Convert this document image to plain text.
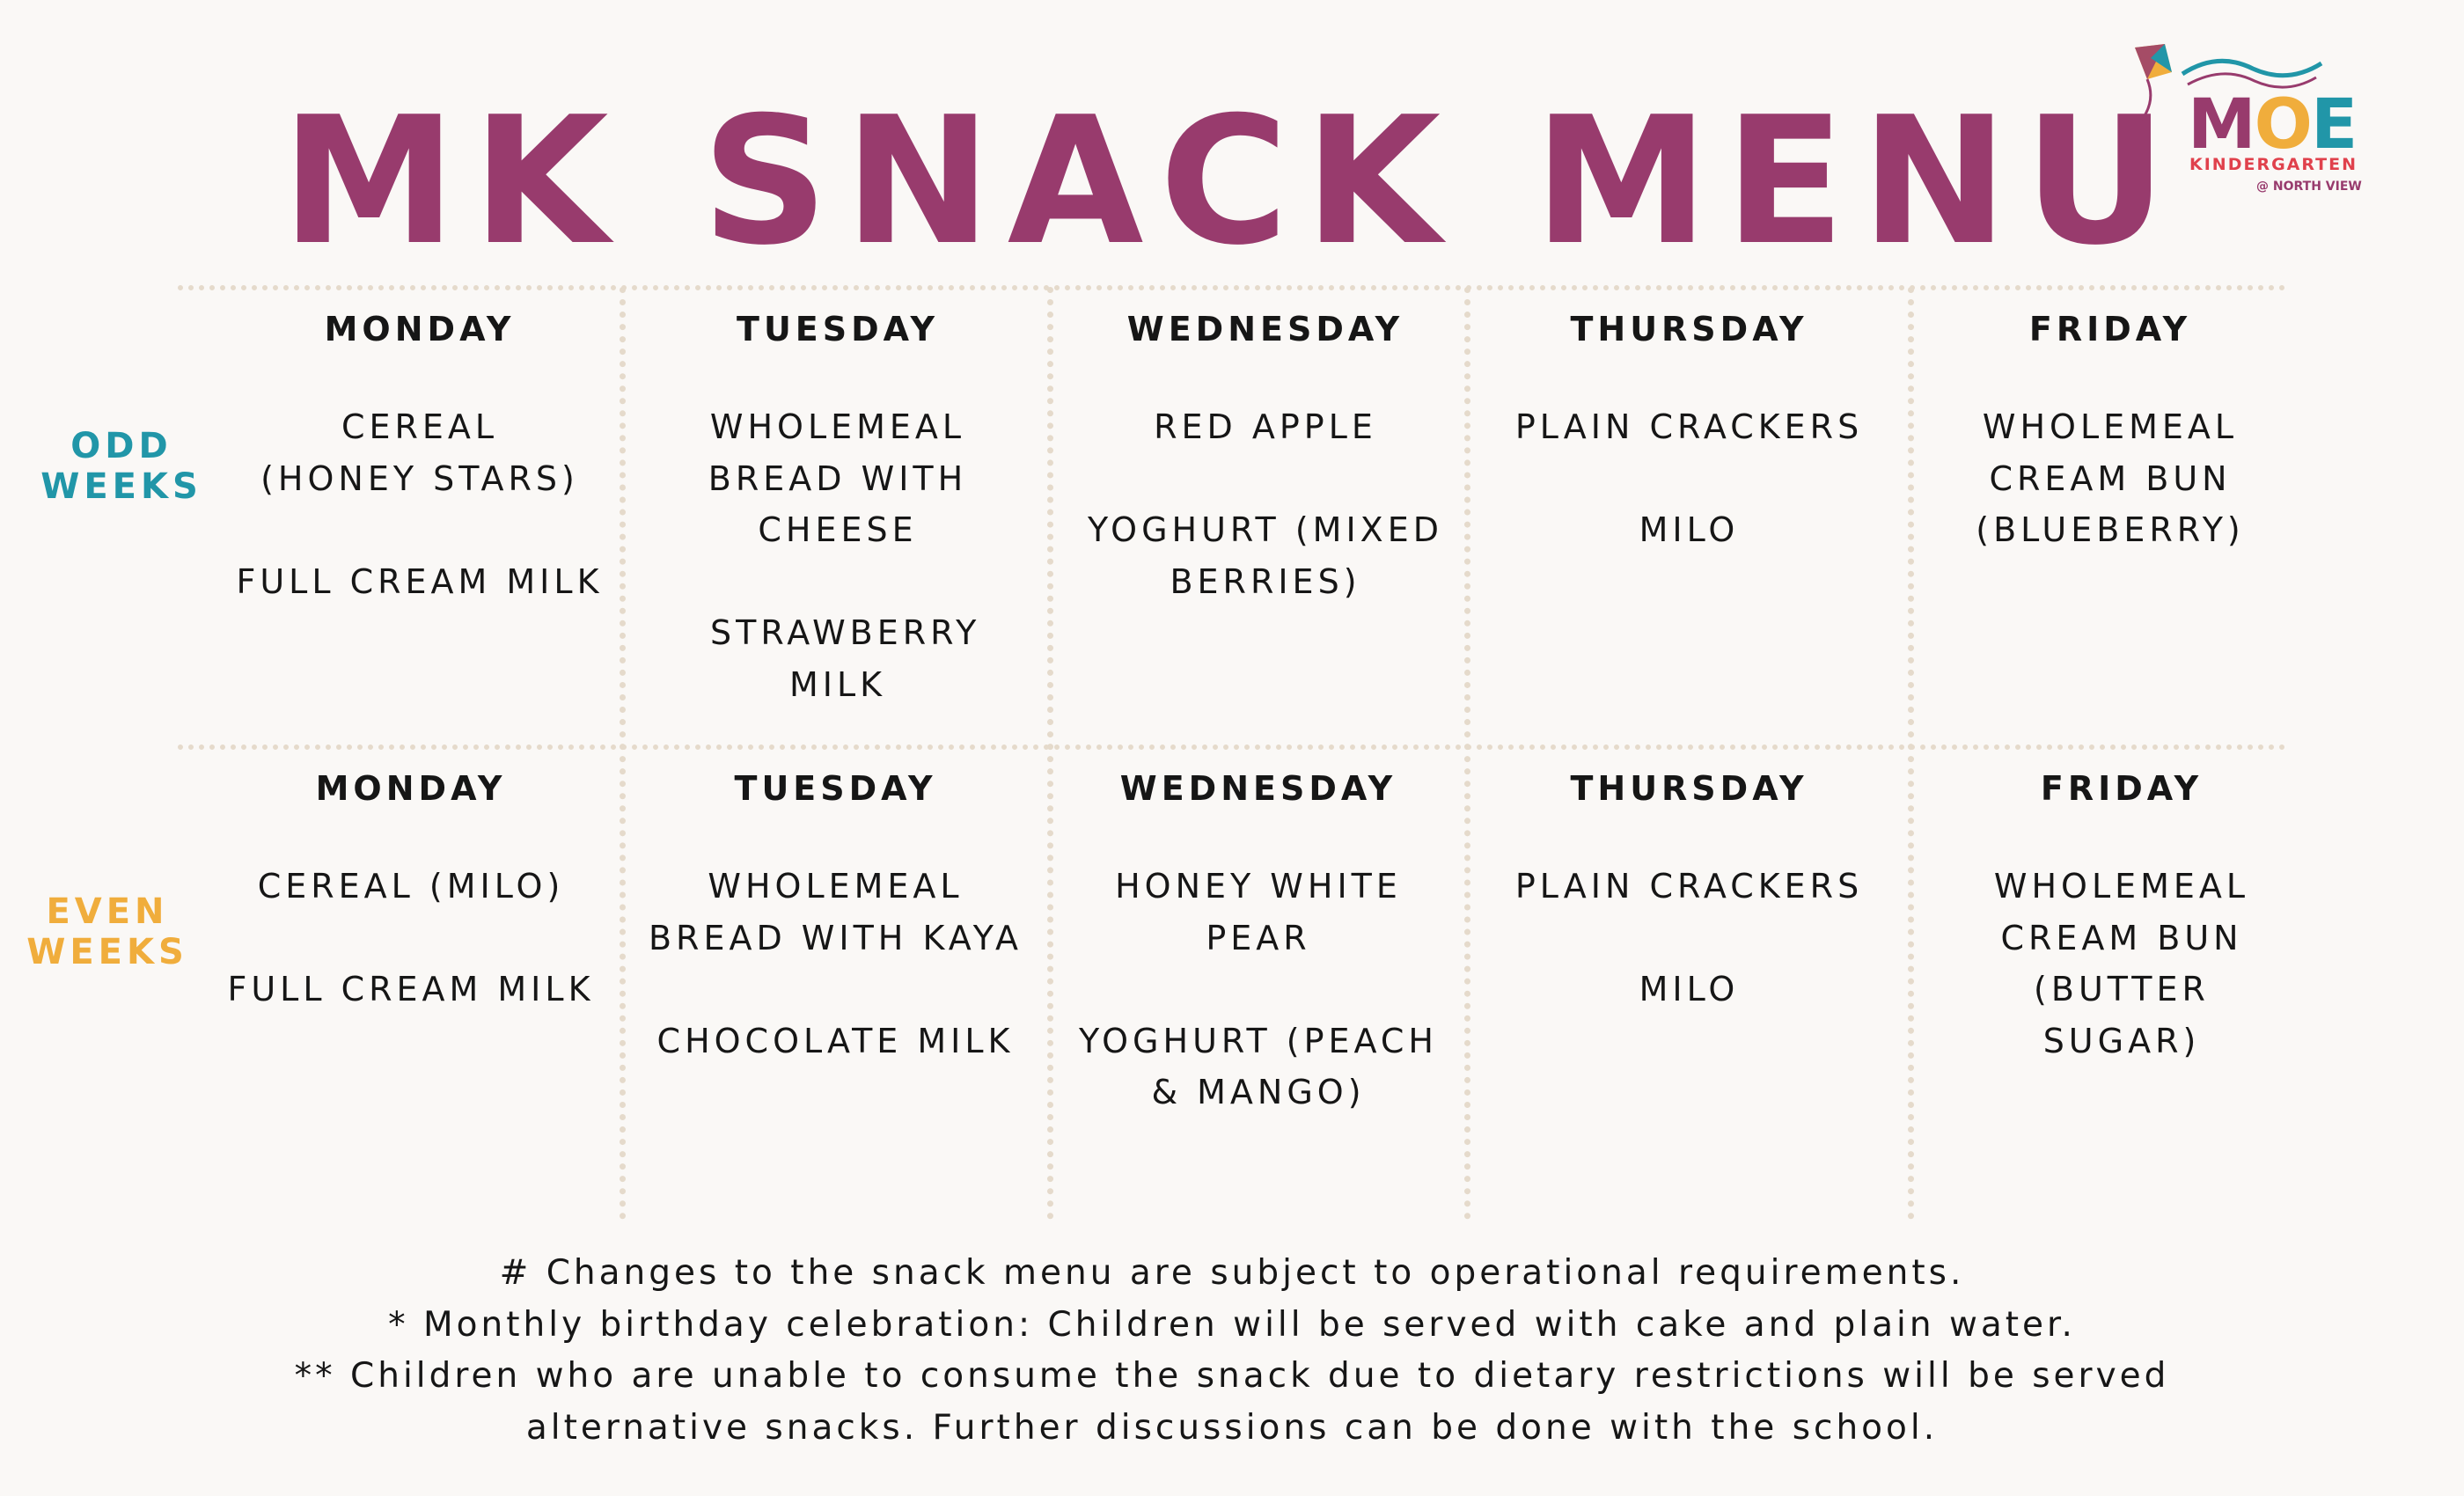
MK SNACK MENU MOE
KINDERGARTEN
@ NORTH VIEW
ODD WEEKS
MONDAY
CEREAL (HONEY STARS)
FULL CREAM MILK
TUESDAY
WHOLEMEAL BREAD WITH CHEESE
STRAWBERRY MILK
WEDNESDAY
RED APPLE
YOGHURT (MIXED BERRIES)
THURSDAY
PLAIN CRACKERS
MILO
FRIDAY
WHOLEMEAL CREAM BUN (BLUEBERRY)
EVEN WEEKS
MONDAY
CEREAL (MILO)
FULL CREAM MILK
TUESDAY
WHOLEMEAL BREAD WITH KAYA
CHOCOLATE MILK
WEDNESDAY
HONEY WHITE PEAR
YOGHURT (PEACH & MANGO)
THURSDAY
PLAIN CRACKERS
MILO
FRIDAY
WHOLEMEAL CREAM BUN (BUTTER SUGAR)

# Changes to the snack menu are subject to operational requirements.

* Monthly birthday celebration: Children will be served with cake and plain water.

** Children who are unable to consume the snack due to dietary restrictions will be served alternative snacks. Further discussions can be done with the school.
